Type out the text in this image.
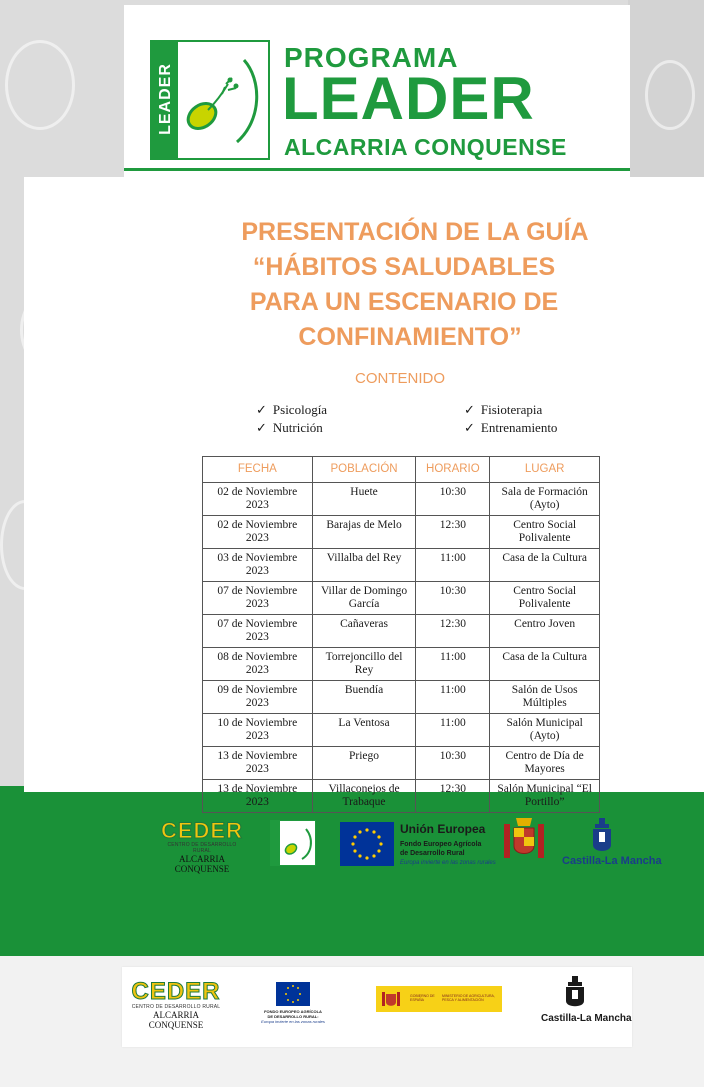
LEADER
PROGRAMA
LEADER
ALCARRIA CONQUENSE
PRESENTACIÓN DE LA GUÍA
“HÁBITOS SALUDABLES
PARA UN ESCENARIO DE
CONFINAMIENTO”
CONTENIDO
✓ Psicología	✓ Fisioterapia
✓ Nutrición	✓ Entrenamiento
FECHA	POBLACIÓN	HORARIO	LUGAR
02 de Noviembre 2023	Huete	10:30	Sala de Formación (Ayto)
02 de Noviembre 2023	Barajas de Melo	12:30	Centro Social Polivalente
03 de Noviembre 2023	Villalba del Rey	11:00	Casa de la Cultura
07 de Noviembre 2023	Villar de Domingo García	10:30	Centro Social Polivalente
07 de Noviembre 2023	Cañaveras	12:30	Centro Joven
08 de Noviembre 2023	Torrejoncillo del Rey	11:00	Casa de la Cultura
09 de Noviembre 2023	Buendía	11:00	Salón de Usos Múltiples
10 de Noviembre 2023	La Ventosa	11:00	Salón Municipal (Ayto)
13 de Noviembre 2023	Priego	10:30	Centro de Día de Mayores
13 de Noviembre 2023	Villaconejos de Trabaque	12:30	Salón Municipal “El Portillo”
CEDER
CENTRO DE DESARROLLO RURAL
ALCARRIA CONQUENSE
Unión Europea
Fondo Europeo Agrícola
de Desarrollo Rural
Europa invierte en las zonas rurales	Castilla-La Mancha
CEDER
CENTRO DE DESARROLLO RURAL
ALCARRIA CONQUENSE
FONDO EUROPEO AGRÍCOLA
DE DESARROLLO RURAL:
Europa invierte en las zonas rurales
GOBIERNO DE ESPAÑA
MINISTERIO DE AGRICULTURA, PESCA Y ALIMENTACIÓN
Castilla-La Mancha
